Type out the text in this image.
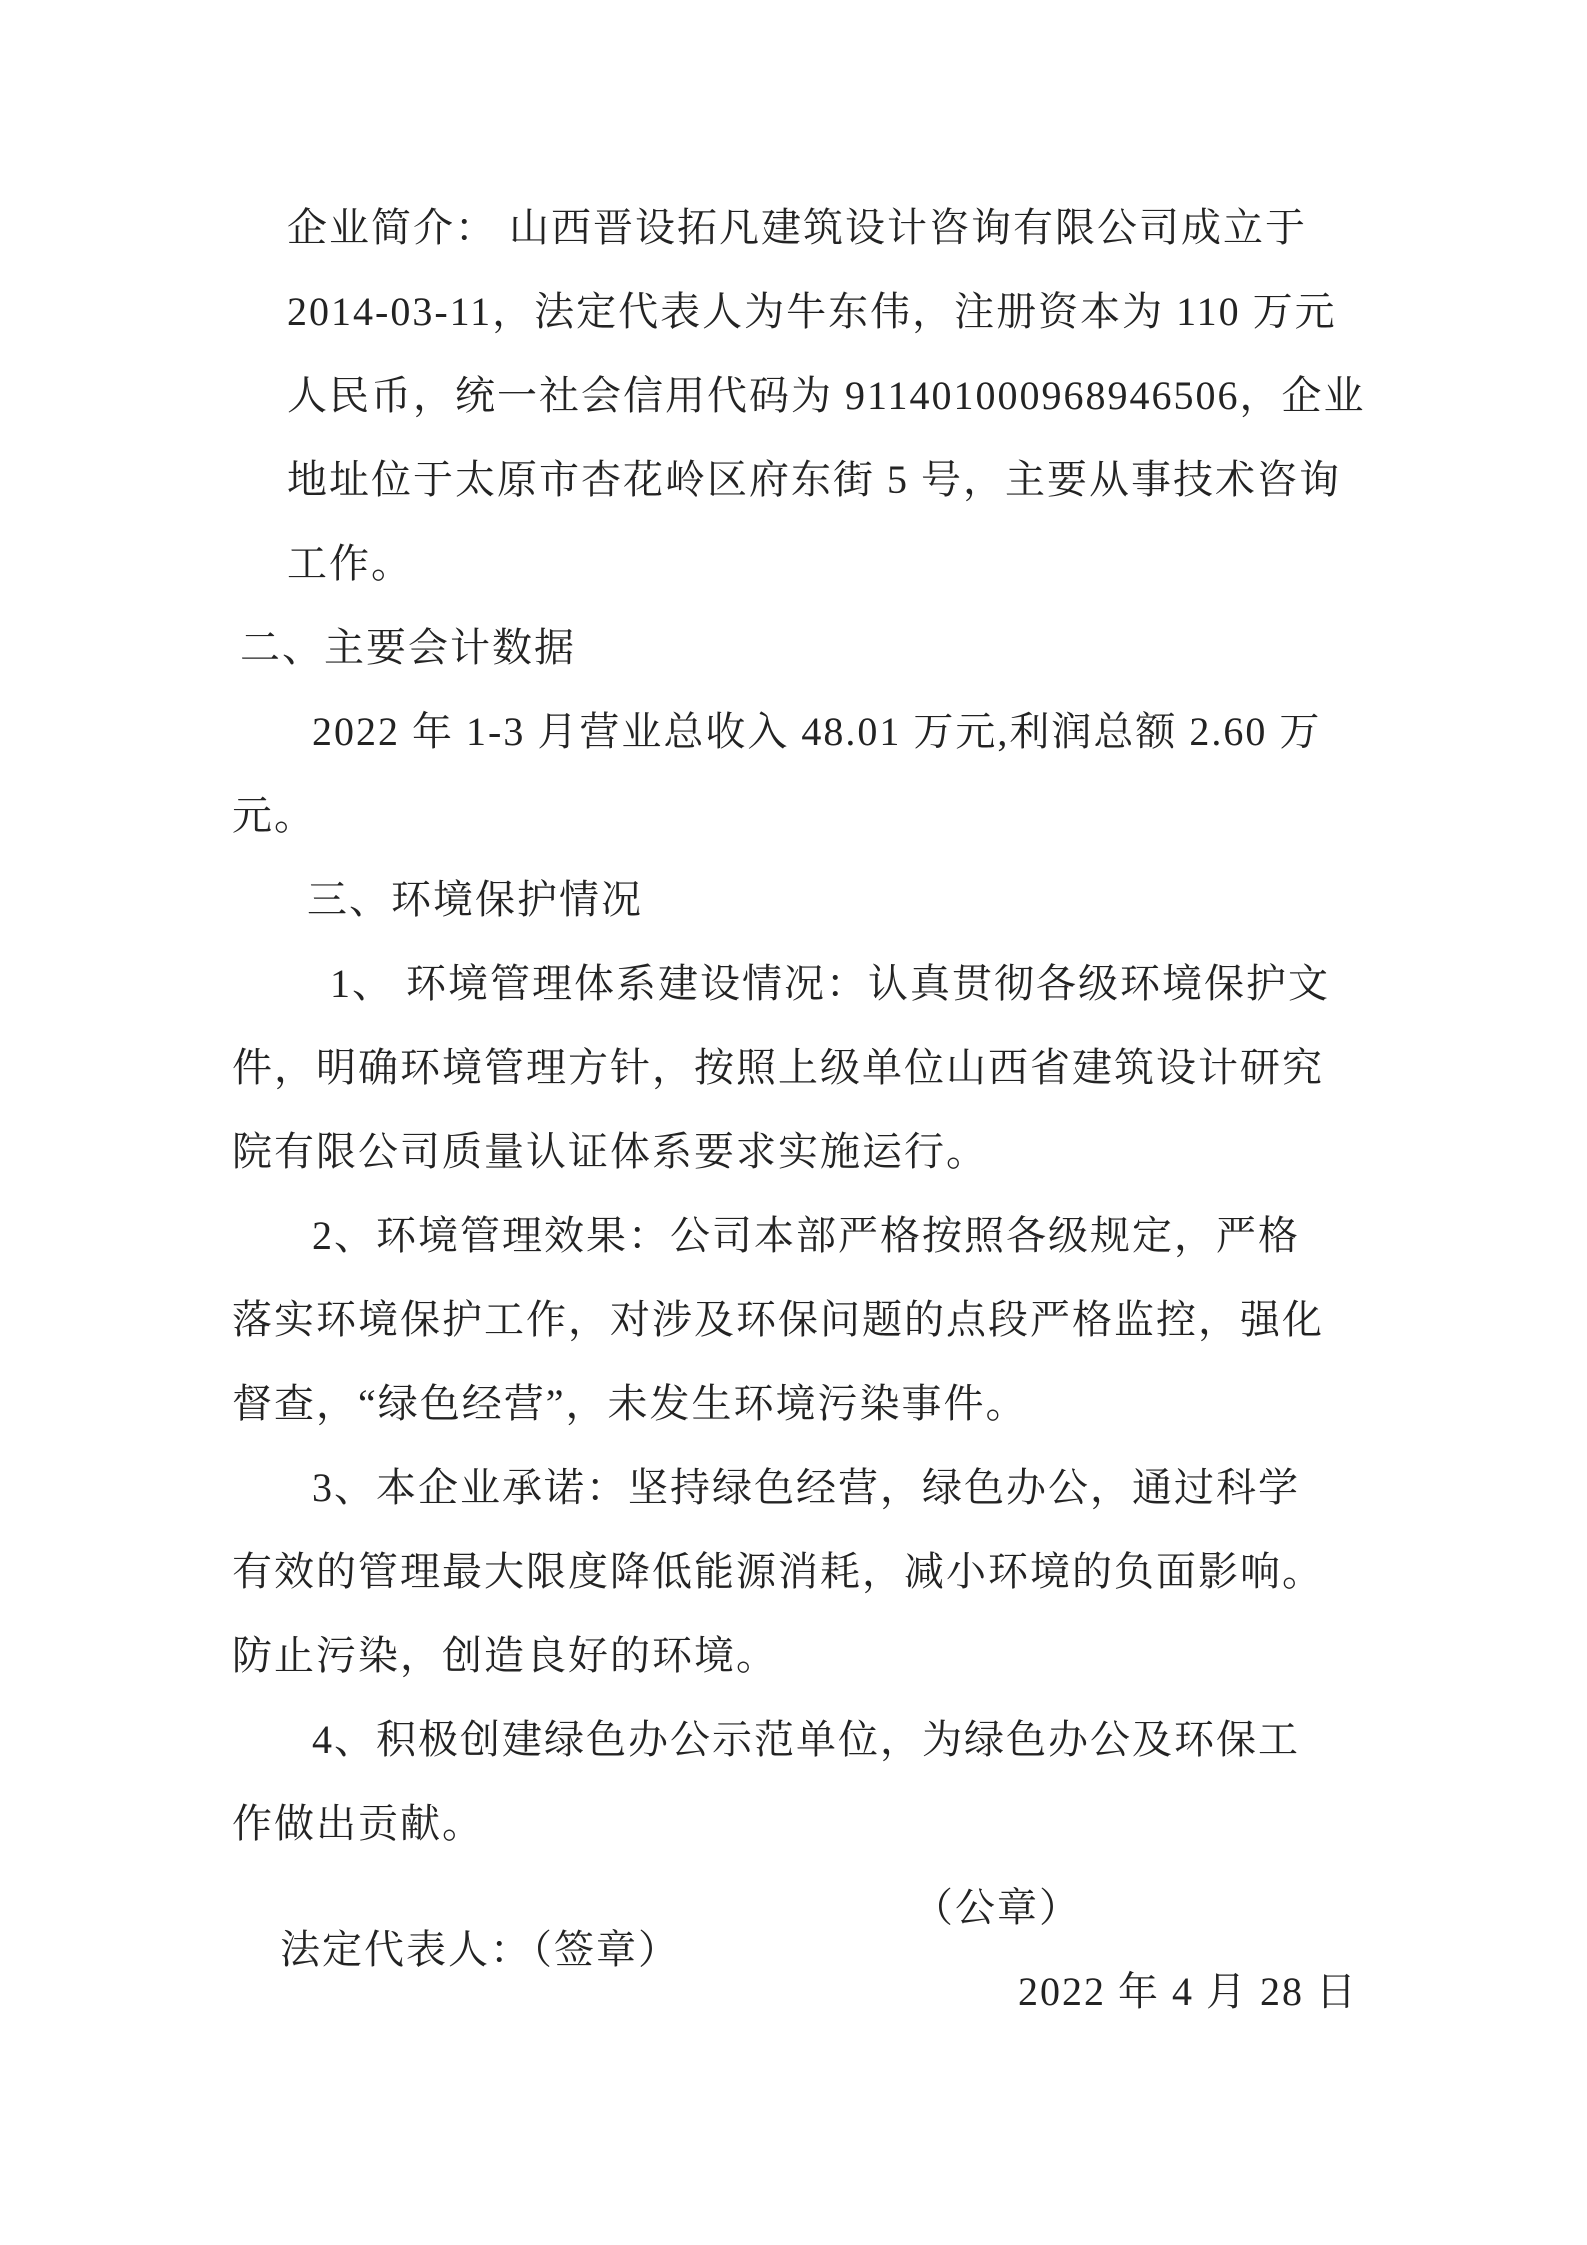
企业简介： 山西晋设拓凡建筑设计咨询有限公司成立于
2014-03-11，法定代表人为牛东伟，注册资本为 110 万元
人民币，统一社会信用代码为 911401000968946506，企业
地址位于太原市杏花岭区府东街 5 号，主要从事技术咨询
工作。
二、主要会计数据
2022 年 1-3 月营业总收入 48.01 万元,利润总额 2.60 万
元。
三、环境保护情况
1、 环境管理体系建设情况：认真贯彻各级环境保护文
件，明确环境管理方针，按照上级单位山西省建筑设计研究
院有限公司质量认证体系要求实施运行。
2、环境管理效果：公司本部严格按照各级规定，严格
落实环境保护工作，对涉及环保问题的点段严格监控，强化
督查，“绿色经营”，未发生环境污染事件。
3、本企业承诺：坚持绿色经营，绿色办公，通过科学
有效的管理最大限度降低能源消耗，减小环境的负面影响。
防止污染，创造良好的环境。
4、积极创建绿色办公示范单位，为绿色办公及环保工
作做出贡献。

法定代表人：（签章）

（公章）

2022 年 4 月 28 日
